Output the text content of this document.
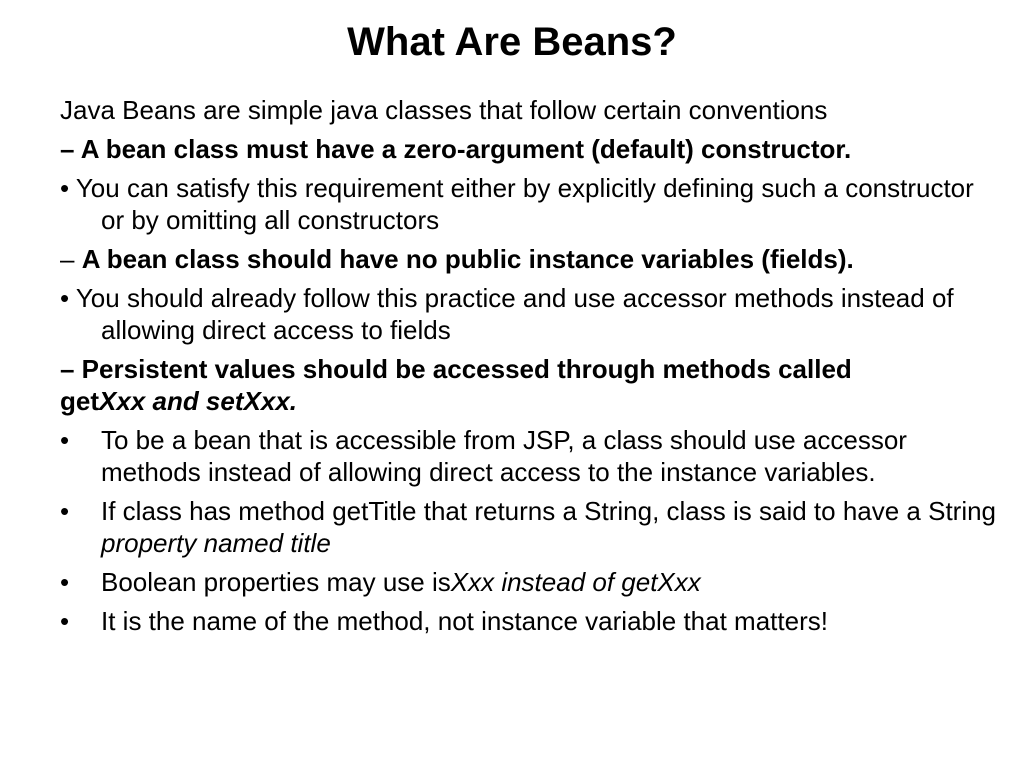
What Are Beans?

Java Beans are simple java classes that follow certain conventions

– A bean class must have a zero-argument (default) constructor.

• You can satisfy this requirement either by explicitly defining such a constructor or by omitting all constructors

– A bean class should have no public instance variables (fields).

• You should already follow this practice and use accessor methods instead of allowing direct access to fields

– Persistent values should be accessed through methods called

getXxx and setXxx.

•	To be a bean that is accessible from JSP, a class should use accessor methods instead of allowing direct access to the instance variables.
•	If class has method getTitle that returns a String, class is said to have a String property named title
•	Boolean properties may use isXxx instead of getXxx
•	It is the name of the method, not instance variable that matters!
